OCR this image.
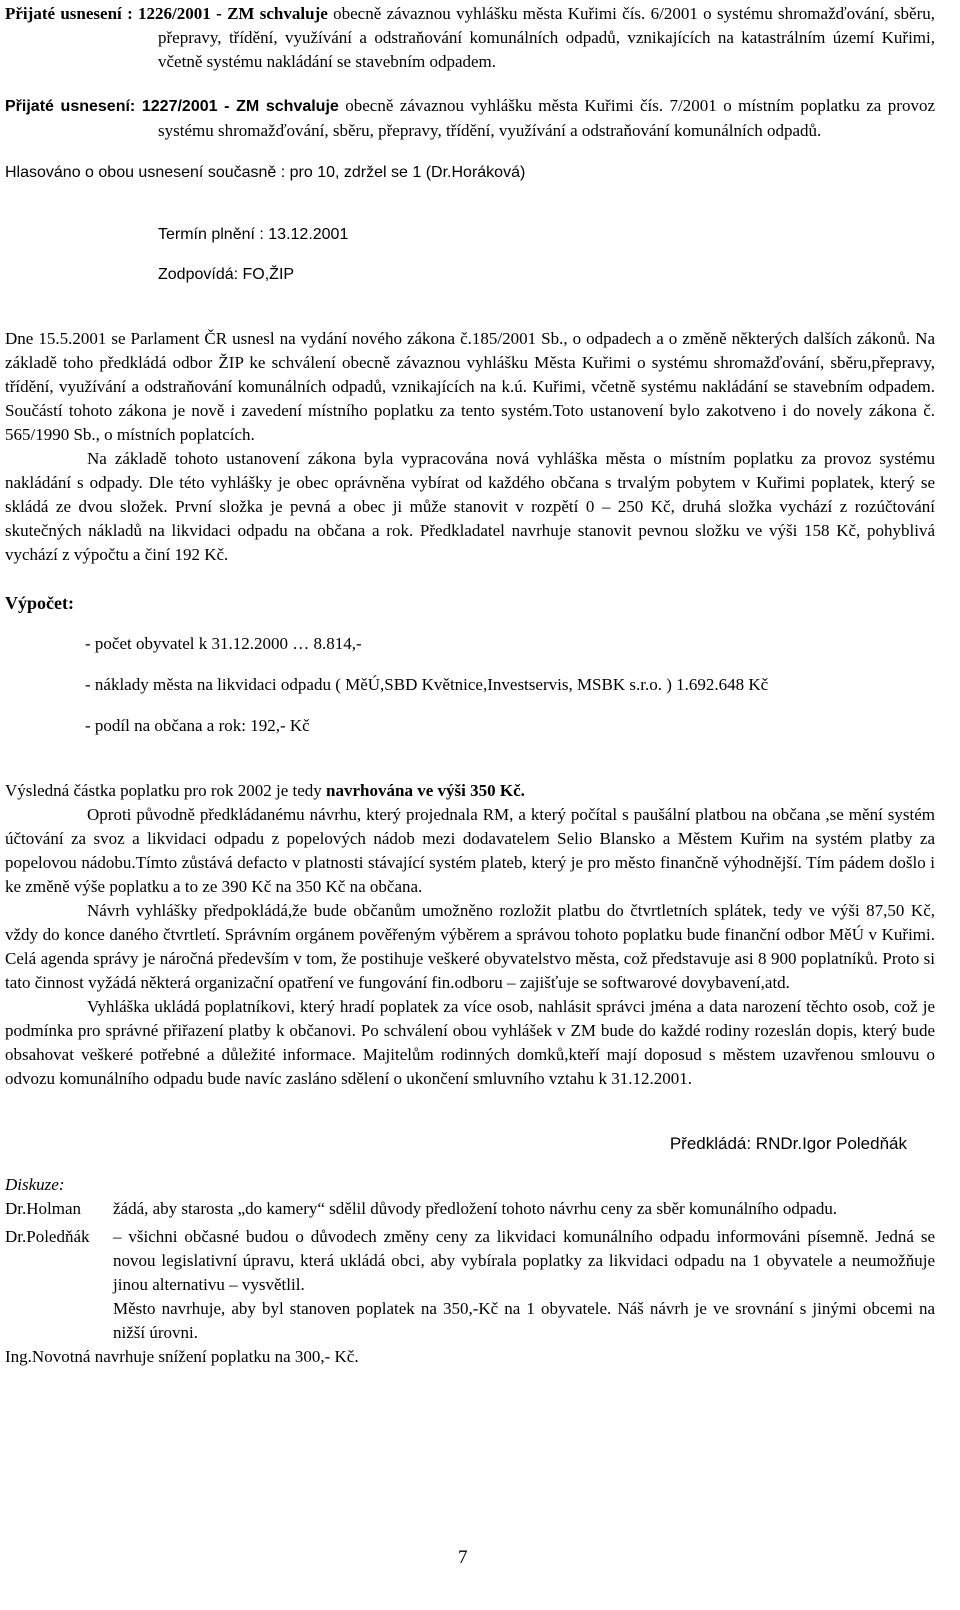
Přijaté usnesení : 1226/2001 - ZM schvaluje obecně závaznou vyhlášku města Kuřimi čís. 6/2001 o systému shromažďování, sběru, přepravy, třídění, využívání a odstraňování komunálních odpadů, vznikajících na katastrálním území Kuřimi, včetně systému nakládání se stavebním odpadem.

Přijaté usnesení: 1227/2001 - ZM schvaluje obecně závaznou vyhlášku města Kuřimi čís. 7/2001 o místním poplatku za provoz systému shromažďování, sběru, přepravy, třídění, využívání a odstraňování komunálních odpadů.

Hlasováno o obou usnesení současně : pro 10, zdržel se 1 (Dr.Horáková)

Termín plnění : 13.12.2001

Zodpovídá: FO,ŽIP

Dne 15.5.2001 se Parlament ČR usnesl na vydání nového zákona č.185/2001 Sb., o odpadech a o změně některých dalších zákonů. Na základě toho předkládá odbor ŽIP ke schválení obecně závaznou vyhlášku Města Kuřimi o systému shromažďování, sběru,přepravy, třídění, využívání a odstraňování komunálních odpadů, vznikajících na k.ú. Kuřimi, včetně systému nakládání se stavebním odpadem. Součástí tohoto zákona je nově i zavedení místního poplatku za tento systém.Toto ustanovení bylo zakotveno i do novely zákona č. 565/1990 Sb., o místních poplatcích.

Na základě tohoto ustanovení zákona byla vypracována nová vyhláška města o místním poplatku za provoz systému nakládání s odpady. Dle této vyhlášky je obec oprávněna vybírat od každého občana s trvalým pobytem v Kuřimi poplatek, který se skládá ze dvou složek. První složka je pevná a obec ji může stanovit v rozpětí 0 – 250 Kč, druhá složka vychází z rozúčtování skutečných nákladů na likvidaci odpadu na občana a rok. Předkladatel navrhuje stanovit pevnou složku ve výši 158 Kč, pohyblivá vychází z výpočtu a činí 192 Kč.

Výpočet:

- počet obyvatel k 31.12.2000 … 8.814,-

- náklady města na likvidaci odpadu ( MěÚ,SBD Květnice,Investservis, MSBK s.r.o. ) 1.692.648 Kč

- podíl na občana a rok: 192,- Kč

Výsledná částka poplatku pro rok 2002 je tedy navrhována ve výši 350 Kč.

Oproti původně předkládanému návrhu, který projednala RM, a který počítal s paušální platbou na občana ,se mění systém účtování za svoz a likvidaci odpadu z popelových nádob mezi dodavatelem Selio Blansko a Městem Kuřim na systém platby za popelovou nádobu.Tímto zůstává defacto v platnosti stávající systém plateb, který je pro město finančně výhodnější. Tím pádem došlo i ke změně výše poplatku a to ze 390 Kč na 350 Kč na občana.

Návrh vyhlášky předpokládá,že bude občanům umožněno rozložit platbu do čtvrtletních splátek, tedy ve výši 87,50 Kč, vždy do konce daného čtvrtletí. Správním orgánem pověřeným výběrem a správou tohoto poplatku bude finanční odbor MěÚ v Kuřimi. Celá agenda správy je náročná především v tom, že postihuje veškeré obyvatelstvo města, což představuje asi 8 900 poplatníků. Proto si tato činnost vyžádá některá organizační opatření ve fungování fin.odboru – zajišťuje se softwarové dovybavení,atd.

Vyhláška ukládá poplatníkovi, který hradí poplatek za více osob, nahlásit správci jména a data narození těchto osob, což je podmínka pro správné přiřazení platby k občanovi. Po schválení obou vyhlášek v ZM bude do každé rodiny rozeslán dopis, který bude obsahovat veškeré potřebné a důležité informace. Majitelům rodinných domků,kteří mají doposud s městem uzavřenou smlouvu o odvozu komunálního odpadu bude navíc zasláno sdělení o ukončení smluvního vztahu k 31.12.2001.

Předkládá: RNDr.Igor Poledňák

Diskuze:

Dr.Holman	žádá, aby starosta „do kamery“ sdělil důvody předložení tohoto návrhu ceny za sběr komunálního odpadu.

Dr.Poledňák	– všichni občasné budou o důvodech změny ceny za likvidaci komunálního odpadu informováni písemně. Jedná se novou legislativní úpravu, která ukládá obci, aby vybírala poplatky za likvidaci odpadu na 1 obyvatele a neumožňuje jinou alternativu – vysvětlil.

Město navrhuje, aby byl stanoven poplatek na 350,-Kč na 1 obyvatele. Náš návrh je ve srovnání s jinými obcemi na nižší úrovni.

Ing.Novotná navrhuje snížení poplatku na 300,- Kč.

7
